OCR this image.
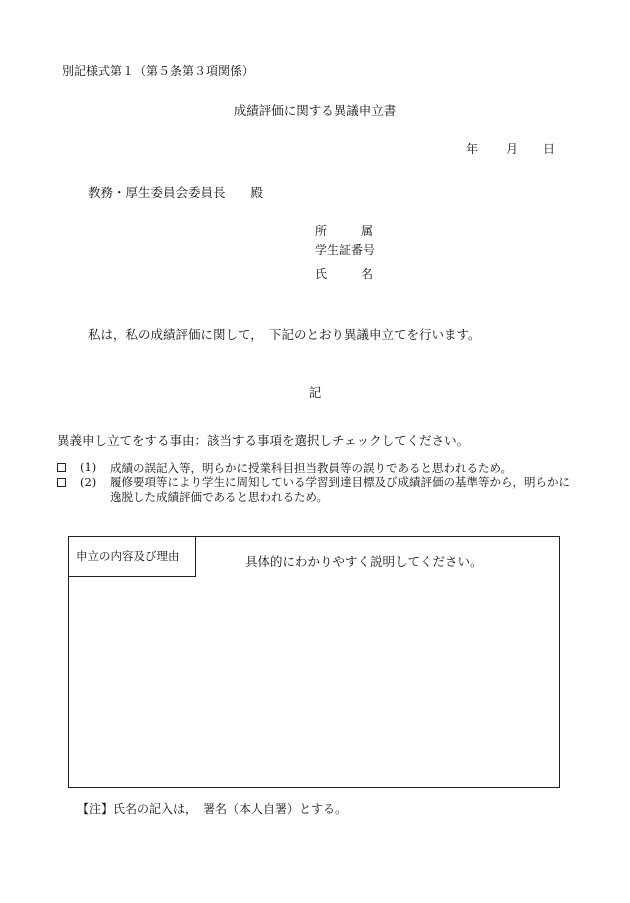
別記様式第１（第５条第３項関係）
成績評価に関する異議申立書
年 月 日
教務・厚生委員会委員長　　殿
所	属
学生証番号
氏	名
私は，私の成績評価に関して，　下記のとおり異議申立てを行います。
記
異義申し立てをする事由：該当する事項を選択しチェックしてください。
(1)	成績の誤記入等，明らかに授業科目担当教員等の誤りであると思われるため。
(2)	履修要項等により学生に周知している学習到達目標及び成績評価の基準等から，明らかに逸脱した成績評価であると思われるため。
申立の内容及び理由	具体的にわかりやすく説明してください。
【注】氏名の記入は，　署名（本人自署）とする。
